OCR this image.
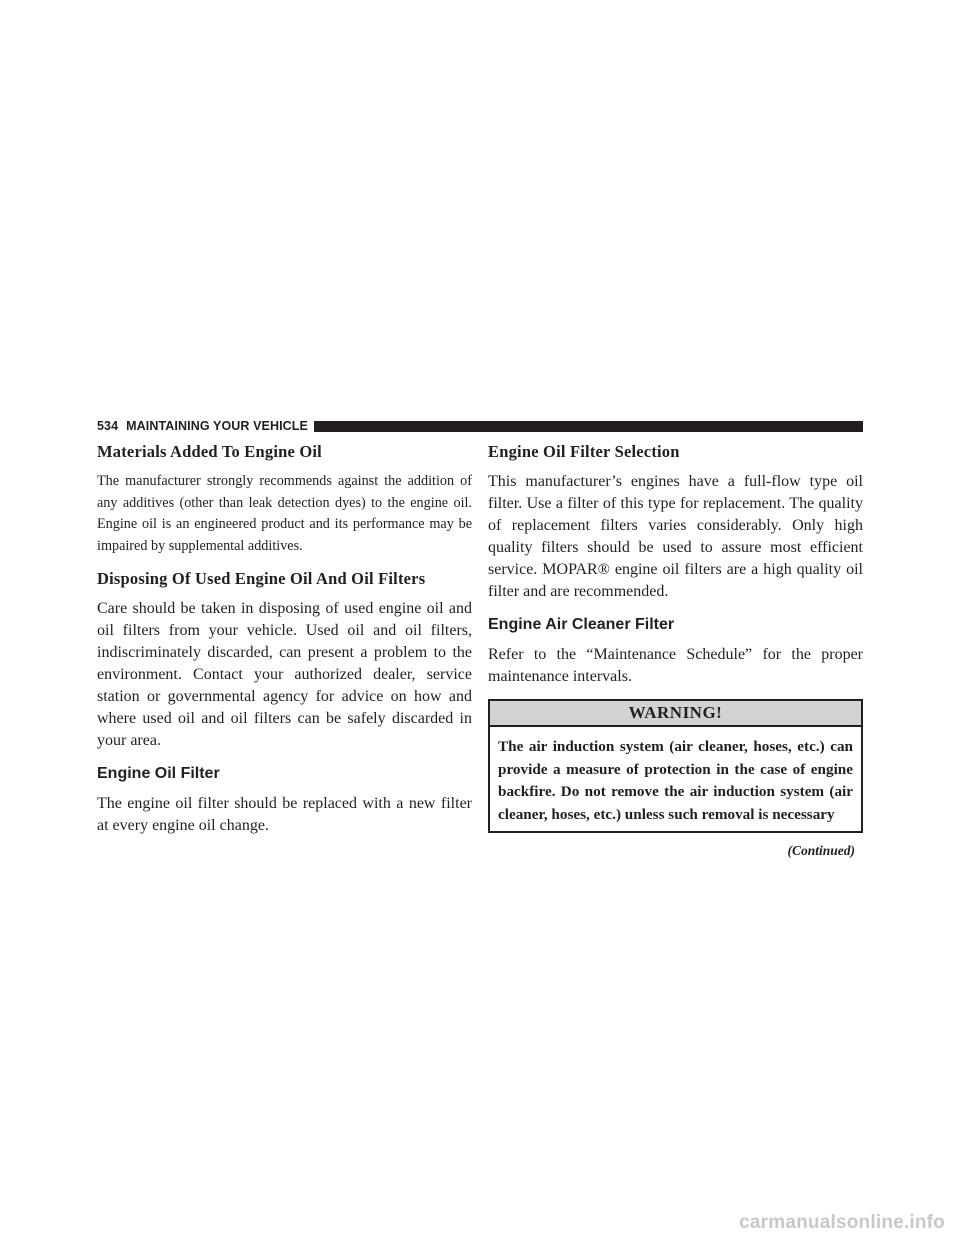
534 MAINTAINING YOUR VEHICLE
Materials Added To Engine Oil

The manufacturer strongly recommends against the addition of any additives (other than leak detection dyes) to the engine oil. Engine oil is an engineered product and its performance may be impaired by supplemental additives.

Disposing Of Used Engine Oil And Oil Filters

Care should be taken in disposing of used engine oil and oil filters from your vehicle. Used oil and oil filters, indiscriminately discarded, can present a problem to the environment. Contact your authorized dealer, service station or governmental agency for advice on how and where used oil and oil filters can be safely discarded in your area.

Engine Oil Filter

The engine oil filter should be replaced with a new filter at every engine oil change.

Engine Oil Filter Selection

This manufacturer’s engines have a full-flow type oil filter. Use a filter of this type for replacement. The quality of replacement filters varies considerably. Only high quality filters should be used to assure most efficient service. MOPAR® engine oil filters are a high quality oil filter and are recommended.

Engine Air Cleaner Filter

Refer to the “Maintenance Schedule” for the proper maintenance intervals.

WARNING!
The air induction system (air cleaner, hoses, etc.) can provide a measure of protection in the case of engine backfire. Do not remove the air induction system (air cleaner, hoses, etc.) unless such removal is necessary
(Continued)
carmanualsonline.info
